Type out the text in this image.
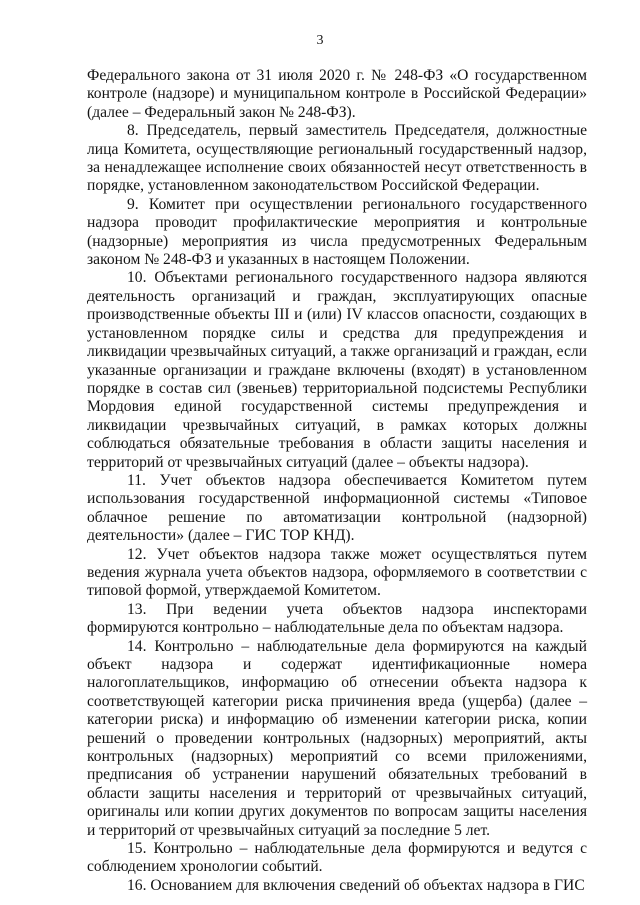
3

Федерального закона от 31 июля 2020 г. № 248-ФЗ «О государственном контроле (надзоре) и муниципальном контроле в Российской Федерации» (далее – Федеральный закон № 248-ФЗ).

8. Председатель, первый заместитель Председателя, должностные лица Комитета, осуществляющие региональный государственный надзор, за ненадлежащее исполнение своих обязанностей несут ответственность в порядке, установленном законодательством Российской Федерации.

9. Комитет при осуществлении регионального государственного надзора проводит профилактические мероприятия и контрольные (надзорные) мероприятия из числа предусмотренных Федеральным законом № 248-ФЗ и указанных в настоящем Положении.

10. Объектами регионального государственного надзора являются деятельность организаций и граждан, эксплуатирующих опасные производственные объекты III и (или) IV классов опасности, создающих в установленном порядке силы и средства для предупреждения и ликвидации чрезвычайных ситуаций, а также организаций и граждан, если указанные организации и граждане включены (входят) в установленном порядке в состав сил (звеньев) территориальной подсистемы Республики Мордовия единой государственной системы предупреждения и ликвидации чрезвычайных ситуаций, в рамках которых должны соблюдаться обязательные требования в области защиты населения и территорий от чрезвычайных ситуаций (далее – объекты надзора).

11. Учет объектов надзора обеспечивается Комитетом путем использования государственной информационной системы «Типовое облачное решение по автоматизации контрольной (надзорной) деятельности» (далее – ГИС ТОР КНД).

12. Учет объектов надзора также может осуществляться путем ведения журнала учета объектов надзора, оформляемого в соответствии с типовой формой, утверждаемой Комитетом.

13. При ведении учета объектов надзора инспекторами формируются контрольно – наблюдательные дела по объектам надзора.

14. Контрольно – наблюдательные дела формируются на каждый объект надзора и содержат идентификационные номера налогоплательщиков, информацию об отнесении объекта надзора к соответствующей категории риска причинения вреда (ущерба) (далее – категории риска) и информацию об изменении категории риска, копии решений о проведении контрольных (надзорных) мероприятий, акты контрольных (надзорных) мероприятий со всеми приложениями, предписания об устранении нарушений обязательных требований в области защиты населения и территорий от чрезвычайных ситуаций, оригиналы или копии других документов по вопросам защиты населения и территорий от чрезвычайных ситуаций за последние 5 лет.

15. Контрольно – наблюдательные дела формируются и ведутся с соблюдением хронологии событий.

16. Основанием для включения сведений об объектах надзора в ГИС
